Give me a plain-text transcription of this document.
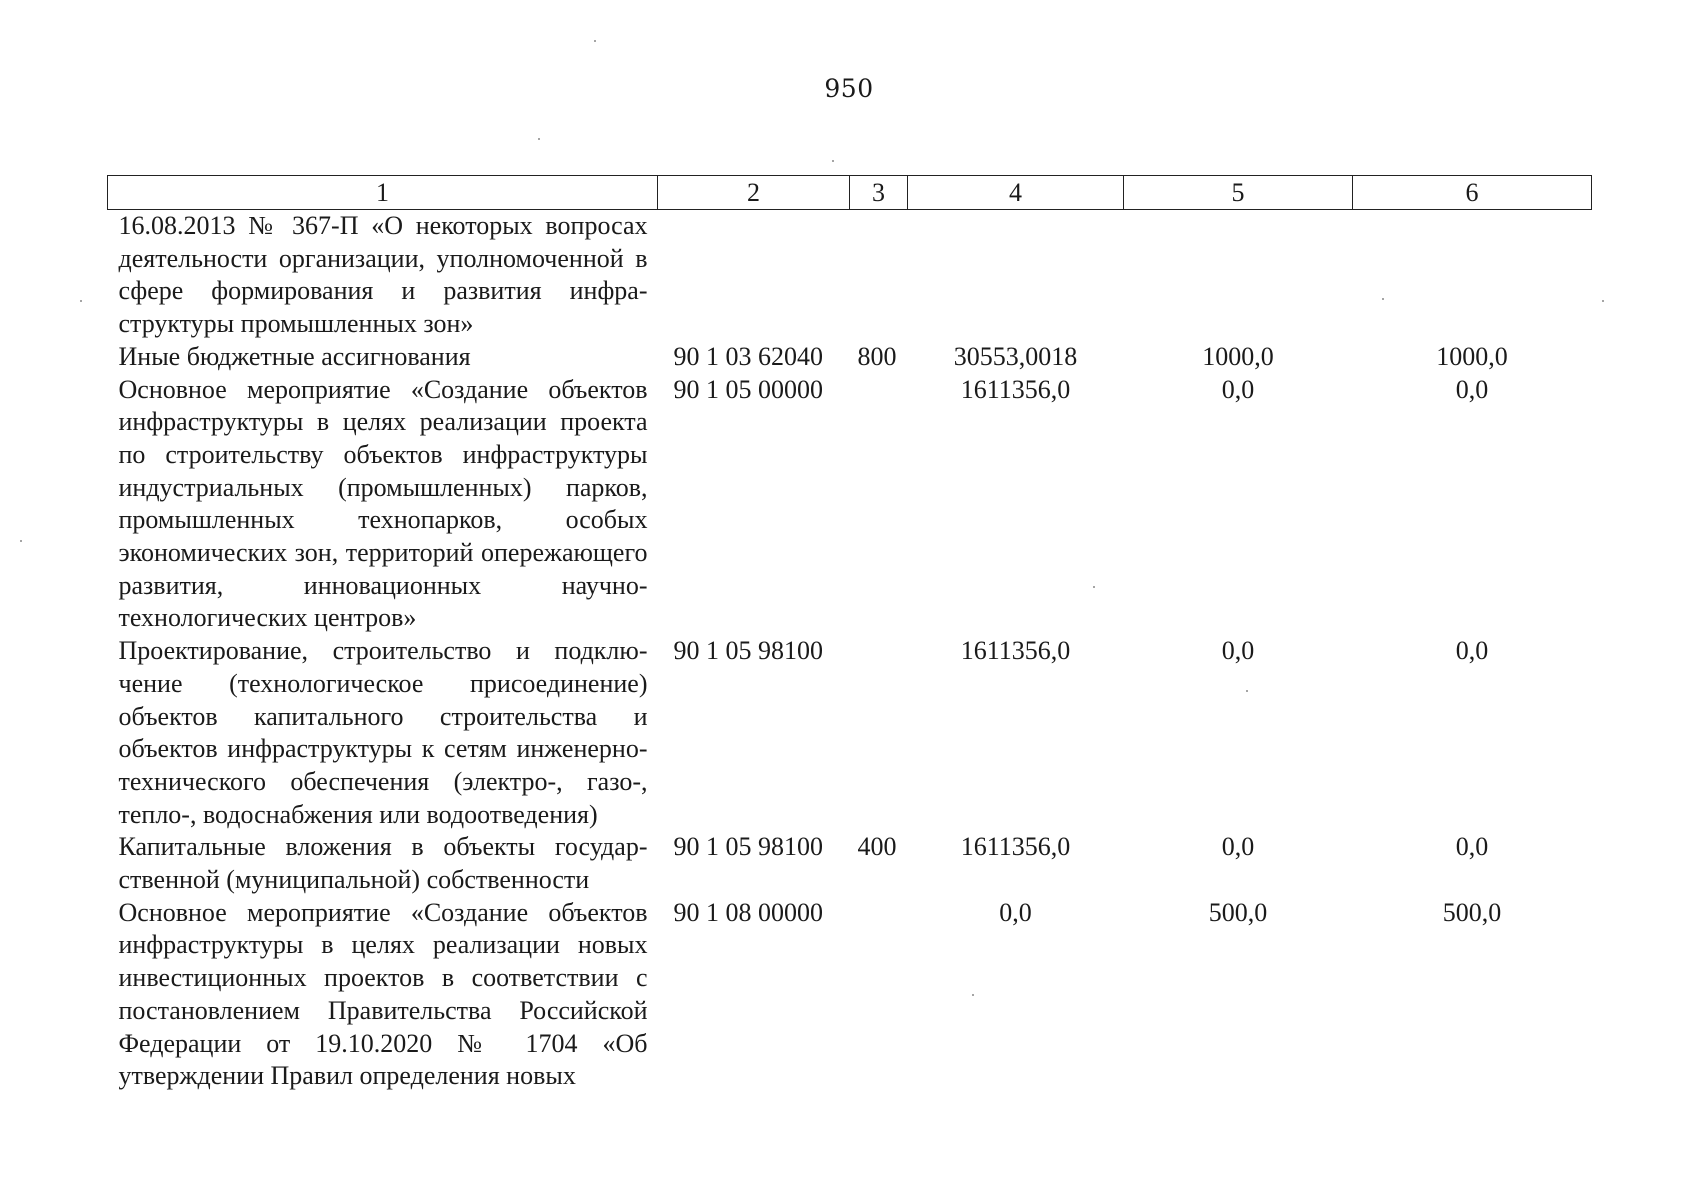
950
1	2	3	4	5	6
16.08.2013 № 367-П «О некоторых вопросах деятельности организации, уполномоченной в сфере формирования и развития инфраструктуры промышленных зон»					
Иные бюджетные ассигнования	90 1 03 62040	800	30553,0018	1000,0	1000,0
Основное мероприятие «Создание объектов инфраструктуры в целях реализации проекта по строительству объектов инфраструктуры индустриальных (промышленных) парков, промышленных технопарков, особых экономических зон, территорий опережающего развития, инновационных научно-технологических центров»	90 1 05 00000		1611356,0	0,0	0,0
Проектирование, строительство и подключение (технологическое присоединение) объектов капитального строительства и объектов инфраструктуры к сетям инженерно-технического обеспечения (электро-, газо-, тепло-, водоснабжения или водоотведения)	90 1 05 98100		1611356,0	0,0	0,0
Капитальные вложения в объекты государственной (муниципальной) собственности	90 1 05 98100	400	1611356,0	0,0	0,0
Основное мероприятие «Создание объектов инфраструктуры в целях реализации новых инвестиционных проектов в соответствии с постановлением Правительства Российской Федерации от 19.10.2020 № 1704 «Об утверждении Правил определения новых	90 1 08 00000		0,0	500,0	500,0
